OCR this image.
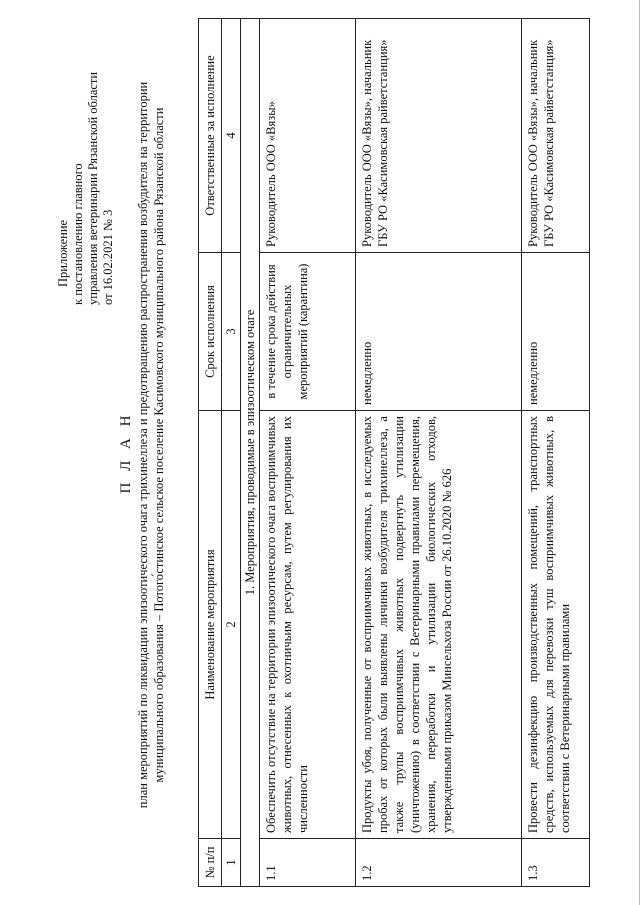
Приложение к постановлению главного управления ветеринарии Рязанской области от 16.02.2021 № 3
П Л А Н план мероприятий по ликвидации эпизоотического очага трихинеллеза и предотвращению распространения возбудителя на территории муниципального образования – Потого́стинское сельское поселение Касимовского муниципального района Рязанской области
№ п/п	Наименование мероприятия	Срок исполнения	Ответственные за исполнение
1	2	3	4
1. Мероприятия, проводимые в эпизоотическом очаге			
1.1	Обеспечить отсутствие на территории эпизоотического очага восприимчивых животных, отнесенных к охотничьим ресурсам, путем регулирования их численности	в течение срока действия ограничительных мероприятий (карантина)	Руководитель ООО «Вязы»
1.2	Продукты убоя, полученные от восприимчивых животных, в исследуемых пробах от которых были выявлены личинки возбудителя трихинеллеза, а также трупы восприимчивых животных подвергнуть утилизации (уничтожению) в соответствии с Ветеринарными правилами перемещения, хранения, переработки и утилизации биологических отходов, утвержденными приказом Минсельхоза России от 26.10.2020 № 626	немедленно	Руководитель ООО «Вязы», начальник ГБУ РО «Касимовская райветстанция»
1.3	Провести дезинфекцию производственных помещений, транспортных средств, используемых для перевозки туш восприимчивых животных, в соответствии с Ветеринарными правилами	немедленно	Руководитель ООО «Вязы», начальник ГБУ РО «Касимовская райветстанция»
